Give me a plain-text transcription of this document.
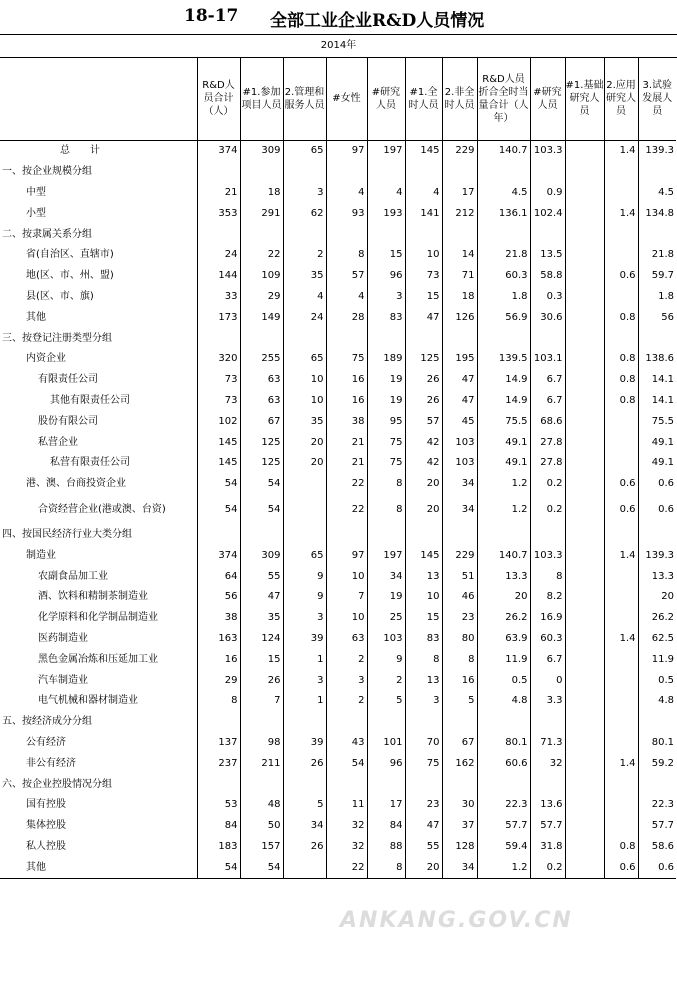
18-17 全部工业企业R&D人员情况
2014年
	R&D人员合计（人）	#1.参加项目人员	2.管理和服务人员	#女性	#研究人员	#1.全时人员	2.非全时人员	R&D人员折合全时当量合计（人年）	#研究人员	#1.基础研究人员	2.应用研究人员	3.试验发展人员
总　　计	374	309	65	97	197	145	229	140.7	103.3		1.4	139.3
一、按企业规模分组												
中型	21	18	3	4	4	4	17	4.5	0.9			4.5
小型	353	291	62	93	193	141	212	136.1	102.4		1.4	134.8
二、按隶属关系分组												
省(自治区、直辖市)	24	22	2	8	15	10	14	21.8	13.5			21.8
地(区、市、州、盟)	144	109	35	57	96	73	71	60.3	58.8		0.6	59.7
县(区、市、旗)	33	29	4	4	3	15	18	1.8	0.3			1.8
其他	173	149	24	28	83	47	126	56.9	30.6		0.8	56
三、按登记注册类型分组												
内资企业	320	255	65	75	189	125	195	139.5	103.1		0.8	138.6
有限责任公司	73	63	10	16	19	26	47	14.9	6.7		0.8	14.1
其他有限责任公司	73	63	10	16	19	26	47	14.9	6.7		0.8	14.1
股份有限公司	102	67	35	38	95	57	45	75.5	68.6			75.5
私营企业	145	125	20	21	75	42	103	49.1	27.8			49.1
私营有限责任公司	145	125	20	21	75	42	103	49.1	27.8			49.1
港、澳、台商投资企业	54	54		22	8	20	34	1.2	0.2		0.6	0.6
合资经营企业(港或澳、台资)	54	54		22	8	20	34	1.2	0.2		0.6	0.6
四、按国民经济行业大类分组												
制造业	374	309	65	97	197	145	229	140.7	103.3		1.4	139.3
农副食品加工业	64	55	9	10	34	13	51	13.3	8			13.3
酒、饮料和精制茶制造业	56	47	9	7	19	10	46	20	8.2			20
化学原料和化学制品制造业	38	35	3	10	25	15	23	26.2	16.9			26.2
医药制造业	163	124	39	63	103	83	80	63.9	60.3		1.4	62.5
黑色金属冶炼和压延加工业	16	15	1	2	9	8	8	11.9	6.7			11.9
汽车制造业	29	26	3	3	2	13	16	0.5	0			0.5
电气机械和器材制造业	8	7	1	2	5	3	5	4.8	3.3			4.8
五、按经济成分分组												
公有经济	137	98	39	43	101	70	67	80.1	71.3			80.1
非公有经济	237	211	26	54	96	75	162	60.6	32		1.4	59.2
六、按企业控股情况分组												
国有控股	53	48	5	11	17	23	30	22.3	13.6			22.3
集体控股	84	50	34	32	84	47	37	57.7	57.7			57.7
私人控股	183	157	26	32	88	55	128	59.4	31.8		0.8	58.6
其他	54	54		22	8	20	34	1.2	0.2		0.6	0.6
ANKANG.GOV.CN
